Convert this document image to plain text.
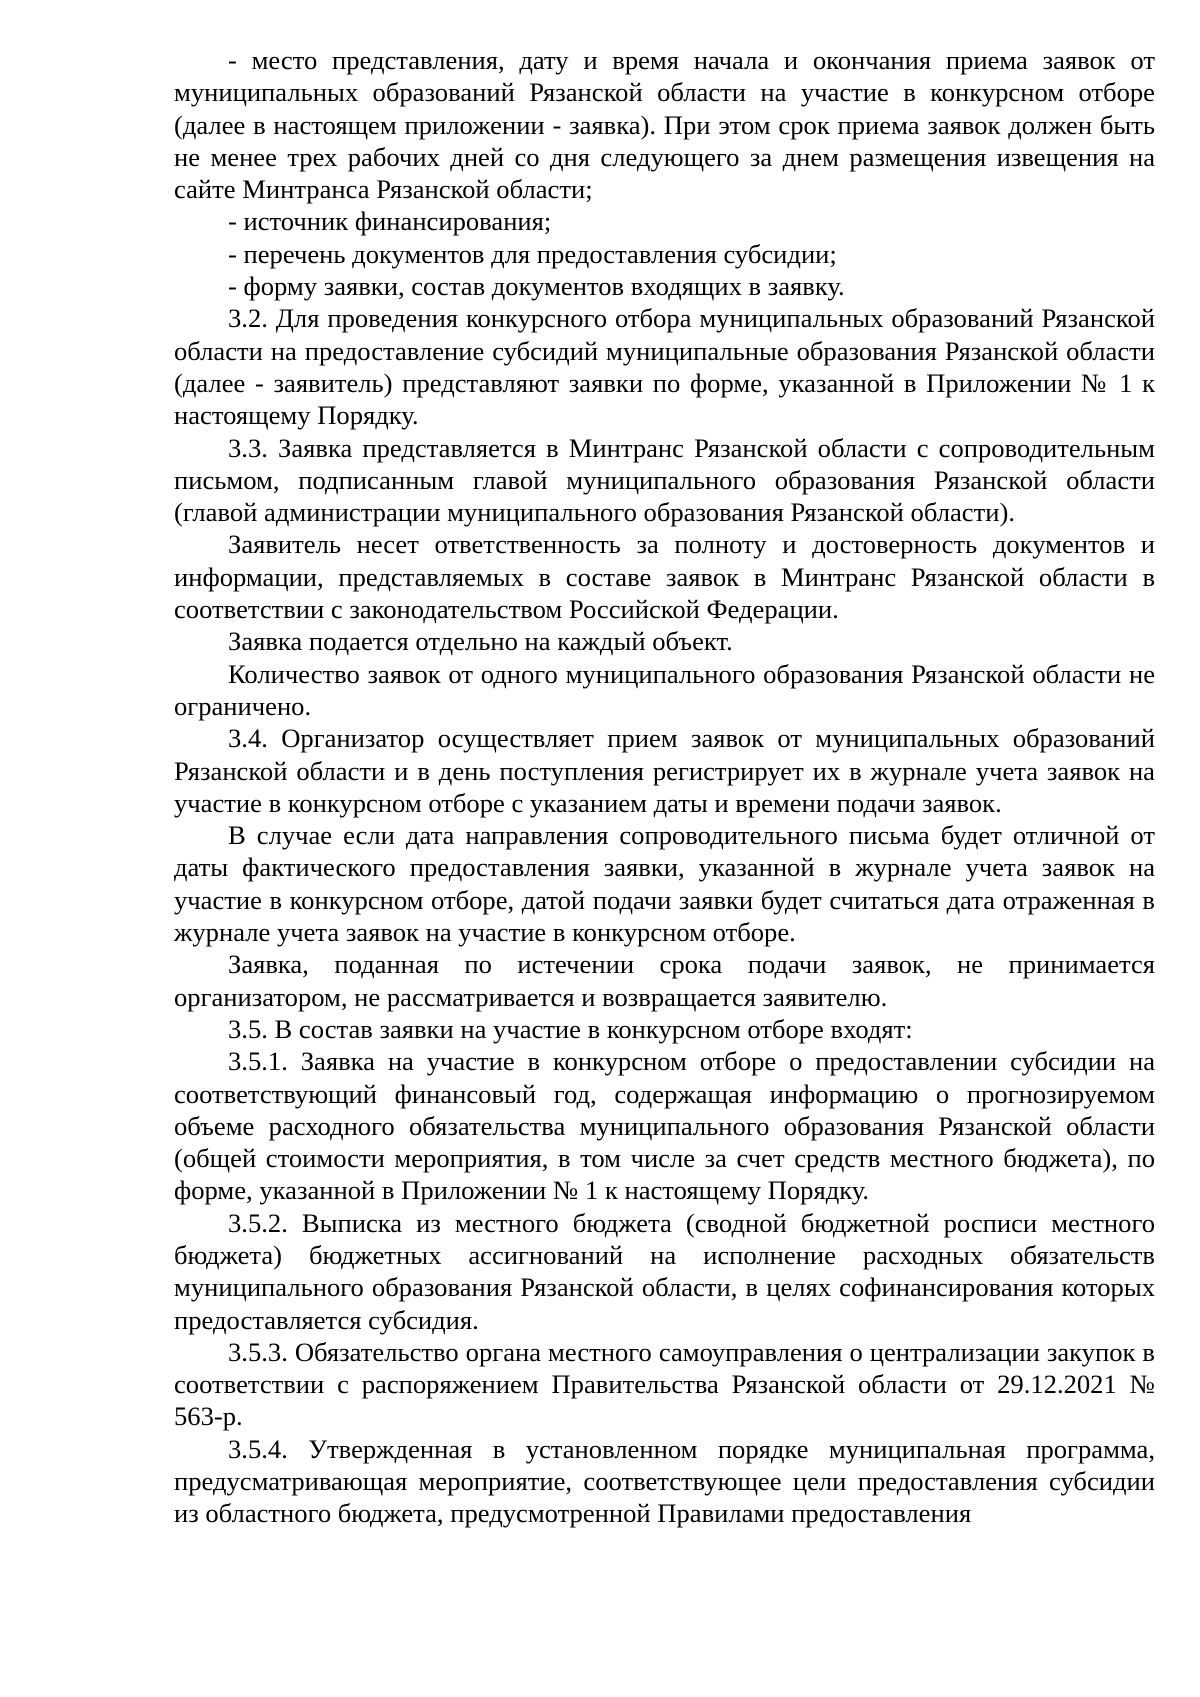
- место представления, дату и время начала и окончания приема заявок от муниципальных образований Рязанской области на участие в конкурсном отборе (далее в настоящем приложении - заявка). При этом срок приема заявок должен быть не менее трех рабочих дней со дня следующего за днем размещения извещения на сайте Минтранса Рязанской области;

- источник финансирования;

- перечень документов для предоставления субсидии;

- форму заявки, состав документов входящих в заявку.

3.2. Для проведения конкурсного отбора муниципальных образований Рязанской области на предоставление субсидий муниципальные образования Рязанской области (далее - заявитель) представляют заявки по форме, указанной в Приложении № 1 к настоящему Порядку.

3.3. Заявка представляется в Минтранс Рязанской области с сопроводительным письмом, подписанным главой муниципального образования Рязанской области (главой администрации муниципального образования Рязанской области).

Заявитель несет ответственность за полноту и достоверность документов и информации, представляемых в составе заявок в Минтранс Рязанской области в соответствии с законодательством Российской Федерации.

Заявка подается отдельно на каждый объект.

Количество заявок от одного муниципального образования Рязанской области не ограничено.

3.4. Организатор осуществляет прием заявок от муниципальных образований Рязанской области и в день поступления регистрирует их в журнале учета заявок на участие в конкурсном отборе с указанием даты и времени подачи заявок.

В случае если дата направления сопроводительного письма будет отличной от даты фактического предоставления заявки, указанной в журнале учета заявок на участие в конкурсном отборе, датой подачи заявки будет считаться дата отраженная в журнале учета заявок на участие в конкурсном отборе.

Заявка, поданная по истечении срока подачи заявок, не принимается организатором, не рассматривается и возвращается заявителю.

3.5. В состав заявки на участие в конкурсном отборе входят:

3.5.1. Заявка на участие в конкурсном отборе о предоставлении субсидии на соответствующий финансовый год, содержащая информацию о прогнозируемом объеме расходного обязательства муниципального образования Рязанской области (общей стоимости мероприятия, в том числе за счет средств местного бюджета), по форме, указанной в Приложении № 1 к настоящему Порядку.

3.5.2. Выписка из местного бюджета (сводной бюджетной росписи местного бюджета) бюджетных ассигнований на исполнение расходных обязательств муниципального образования Рязанской области, в целях софинансирования которых предоставляется субсидия.

3.5.3. Обязательство органа местного самоуправления о централизации закупок в соответствии с распоряжением Правительства Рязанской области от 29.12.2021 № 563-р.

3.5.4. Утвержденная в установленном порядке муниципальная программа, предусматривающая мероприятие, соответствующее цели предоставления субсидии из областного бюджета, предусмотренной Правилами предоставления
